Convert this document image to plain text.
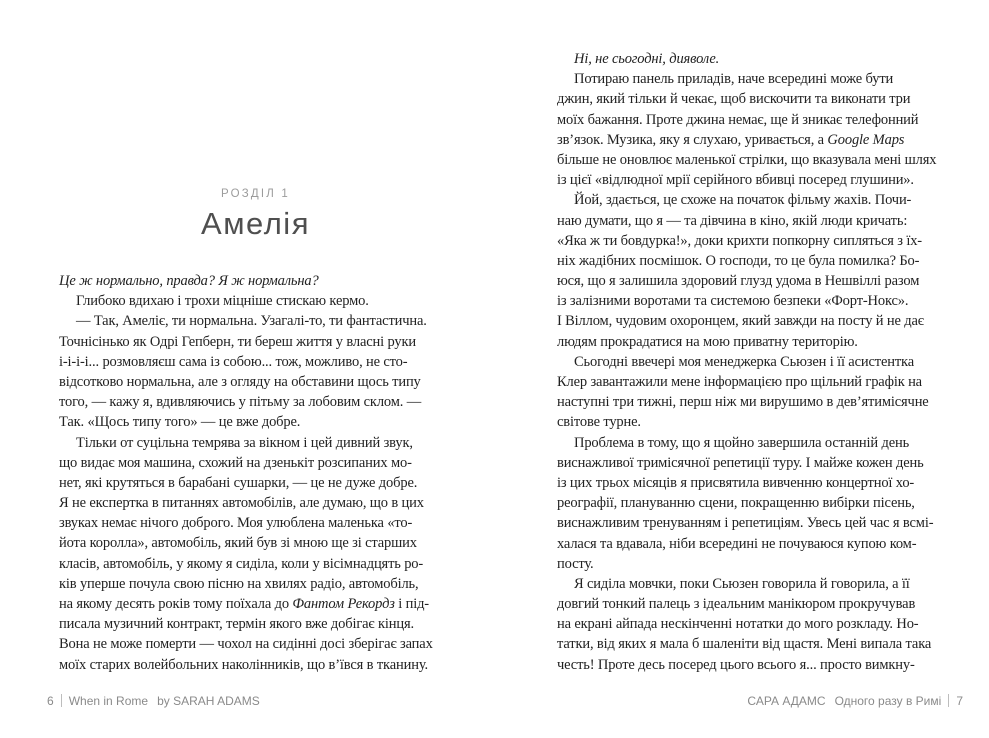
РОЗДІЛ 1
Амелія
Це ж нормально, правда? Я ж нормальна?
Глибоко вдихаю і трохи міцніше стискаю кермо.
— Так, Амеліє, ти нормальна. Узагалі-то, ти фантастична.
Точнісінько як Одрі Гепберн, ти береш життя у власні руки
і-і-і-і... розмовляєш сама із собою... тож, можливо, не сто-
відсотково нормальна, але з огляду на обставини щось типу
того, — кажу я, вдивляючись у пітьму за лобовим склом. —
Так. «Щось типу того» — це вже добре.
Тільки от суцільна темрява за вікном і цей дивний звук,
що видає моя машина, схожий на дзенькіт розсипаних мо-
нет, які крутяться в барабані сушарки, — це не дуже добре.
Я не експертка в питаннях автомобілів, але думаю, що в цих
звуках немає нічого доброго. Моя улюблена маленька «то-
йота королла», автомобіль, який був зі мною ще зі старших
класів, автомобіль, у якому я сиділа, коли у вісімнадцять ро-
ків уперше почула свою пісню на хвилях радіо, автомобіль,
на якому десять років тому поїхала до Фантом Рекордз і під-
писала музичний контракт, термін якого вже добігає кінця.
Вона не може померти — чохол на сидінні досі зберігає запах
моїх старих волейбольних наколінників, що в’ївся в тканину.
6 When in Rome by SARAH ADAMS
Ні, не сьогодні, дияволе.
Потираю панель приладів, наче всередині може бути
джин, який тільки й чекає, щоб вискочити та виконати три
моїх бажання. Проте джина немає, ще й зникає телефонний
зв’язок. Музика, яку я слухаю, уривається, а Google Maps
більше не оновлює маленької стрілки, що вказувала мені шлях
із цієї «відлюдної мрії серійного вбивці посеред глушини».
Йой, здається, це схоже на початок фільму жахів. Почи-
наю думати, що я — та дівчина в кіно, якій люди кричать:
«Яка ж ти бовдурка!», доки крихти попкорну сипляться з їх-
ніх жадібних посмішок. О господи, то це була помилка? Бо-
юся, що я залишила здоровий глузд удома в Нешвіллі разом
із залізними воротами та системою безпеки «Форт-Нокс».
І Віллом, чудовим охоронцем, який завжди на посту й не дає
людям прокрадатися на мою приватну територію.
Сьогодні ввечері моя менеджерка Сьюзен і її асистентка
Клер завантажили мене інформацією про щільний графік на
наступні три тижні, перш ніж ми вирушимо в дев’ятимісячне
світове турне.
Проблема в тому, що я щойно завершила останній день
виснажливої тримісячної репетиції туру. І майже кожен день
із цих трьох місяців я присвятила вивченню концертної хо-
реографії, плануванню сцени, покращенню вибірки пісень,
виснажливим тренуванням і репетиціям. Увесь цей час я всмі-
халася та вдавала, ніби всередині не почуваюся купою ком-
посту.
Я сиділа мовчки, поки Сьюзен говорила й говорила, а її
довгий тонкий палець з ідеальним манікюром прокручував
на екрані айпада нескінченні нотатки до мого розкладу. Но-
татки, від яких я мала б шаленіти від щастя. Мені випала така
честь! Проте десь посеред цього всього я... просто вимкну-
САРА АДАМС Одного разу в Римі 7
